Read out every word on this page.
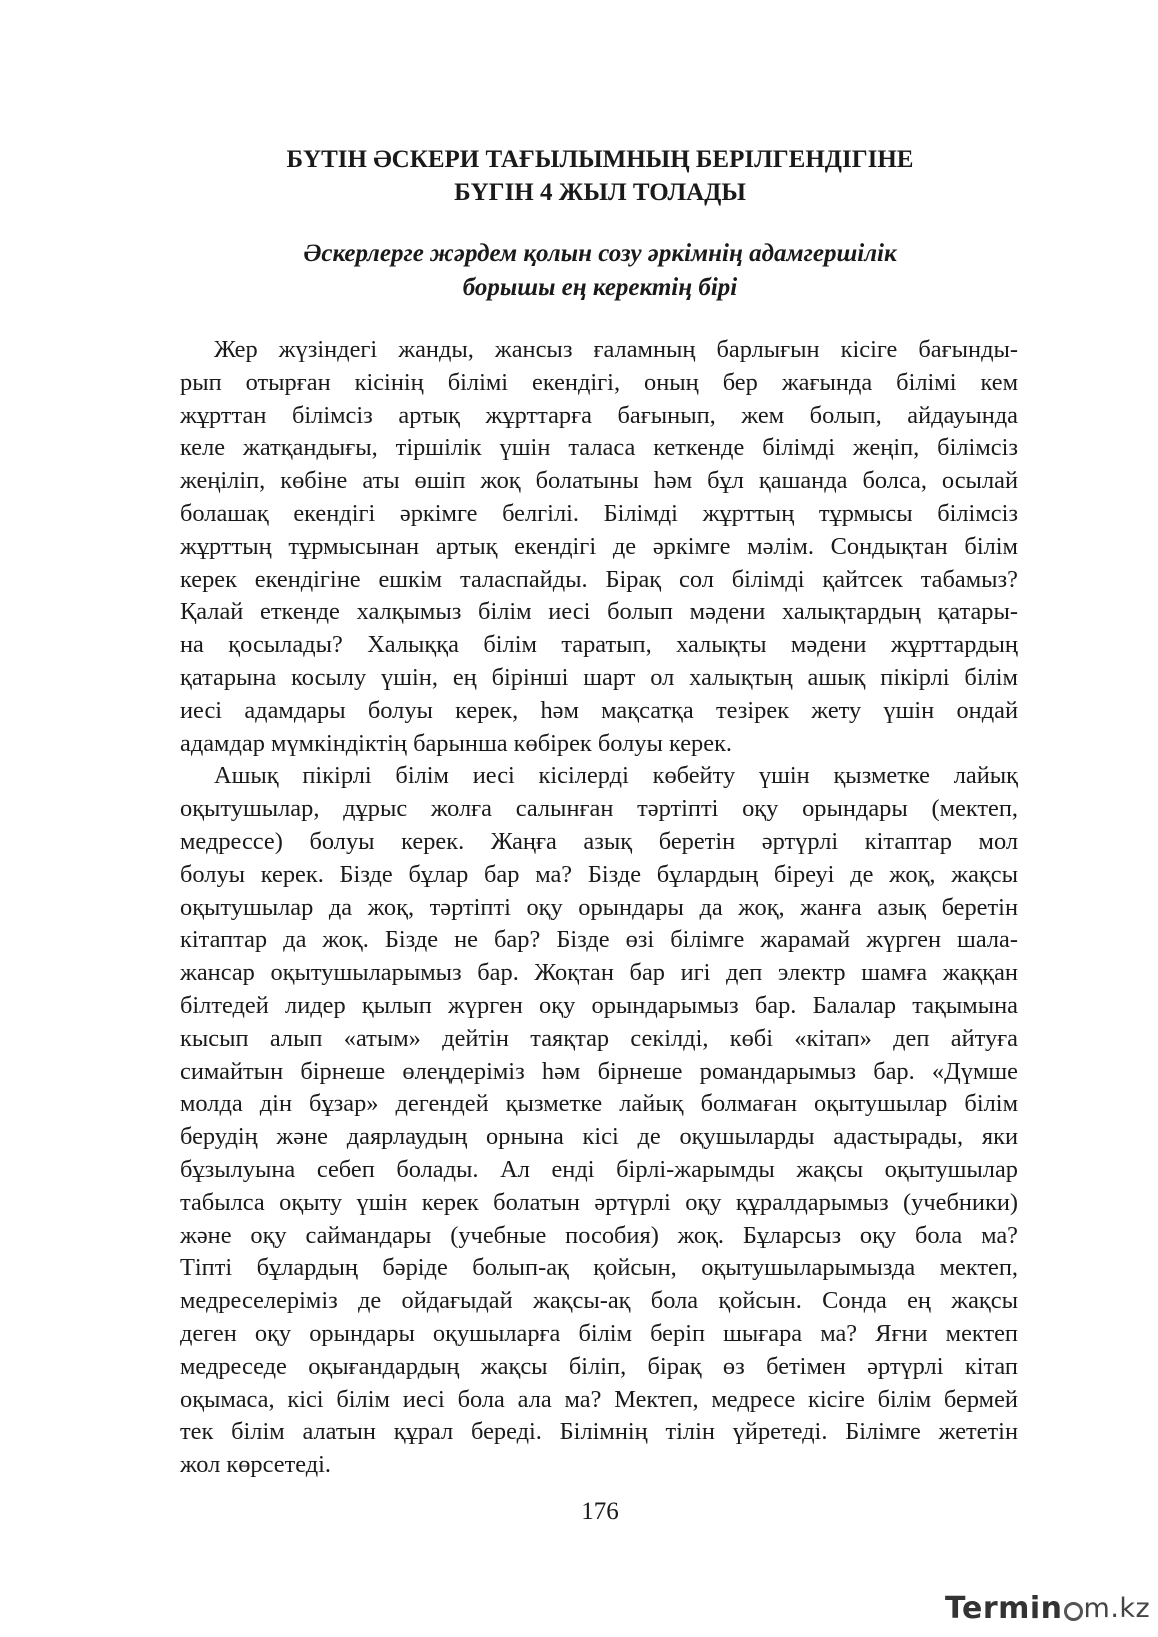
БҮТІН ӘСКЕРИ ТАҒЫЛЫМНЫҢ БЕРІЛГЕНДІГІНЕ
БҮГІН 4 ЖЫЛ ТОЛАДЫ
Әскерлерге жәрдем қолын созу әркімнің адамгершілік
борышы ең керектің бірі
Жер жүзіндегі жанды, жансыз ғаламның барлығын кісіге бағынды-
рып отырған кісінің білімі екендігі, оның бер жағында білімі кем
жұрттан білімсіз артық жұрттарға бағынып, жем болып, айдауында
келе жатқандығы, тіршілік үшін таласа кеткенде білімді жеңіп, білімсіз
жеңіліп, көбіне аты өшіп жоқ болатыны һәм бұл қашанда болса, осылай
болашақ екендігі әркімге белгілі. Білімді жұрттың тұрмысы білімсіз
жұрттың тұрмысынан артық екендігі де әркімге мәлім. Сондықтан білім
керек екендігіне ешкім таласпайды. Бірақ сол білімді қайтсек табамыз?
Қалай еткенде халқымыз білім иесі болып мәдени халықтардың қатары-
на қосылады? Халыққа білім таратып, халықты мәдени жұрттардың
қатарына косылу үшін, ең бірінші шарт ол халықтың ашық пікірлі білім
иесі адамдары болуы керек, һәм мақсатқа тезірек жету үшін ондай
адамдар мүмкіндіктің барынша көбірек болуы керек.
Ашық пікірлі білім иесі кісілерді көбейту үшін қызметке лайық
оқытушылар, дұрыс жолға салынған тәртіпті оқу орындары (мектеп,
медрессе) болуы керек. Жаңға азық беретін әртүрлі кітаптар мол
болуы керек. Бізде бұлар бар ма? Бізде бұлардың біреуі де жоқ, жақсы
оқытушылар да жоқ, тәртіпті оқу орындары да жоқ, жанға азық беретін
кітаптар да жоқ. Бізде не бар? Бізде өзі білімге жарамай жүрген шала-
жансар оқытушыларымыз бар. Жоқтан бар игі деп электр шамға жаққан
білтедей лидер қылып жүрген оқу орындарымыз бар. Балалар тақымына
кысып алып «атым» дейтін таяқтар секілді, көбі «кітап» деп айтуға
симайтын бірнеше өлеңдеріміз һәм бірнеше романдарымыз бар. «Дүмше
молда дін бұзар» дегендей қызметке лайық болмаған оқытушылар білім
берудің және даярлаудың орнына кісі де оқушыларды адастырады, яки
бұзылуына себеп болады. Ал енді бірлі-жарымды жақсы оқытушылар
табылса оқыту үшін керек болатын әртүрлі оқу құралдарымыз (учебники)
және оқу саймандары (учебные пособия) жоқ. Бұларсыз оқу бола ма?
Тіпті бұлардың бәріде болып-ақ қойсын, оқытушыларымызда мектеп,
медреселеріміз де ойдағыдай жақсы-ақ бола қойсын. Сонда ең жақсы
деген оқу орындары оқушыларға білім беріп шығара ма? Яғни мектеп
медреседе оқығандардың жақсы біліп, бірақ өз бетімен әртүрлі кітап
оқымаса, кісі білім иесі бола ала ма? Мектеп, медресе кісіге білім бермей
тек білім алатын құрал береді. Білімнің тілін үйретеді. Білімге жететін
жол көрсетеді.
176
Termin m.kz
